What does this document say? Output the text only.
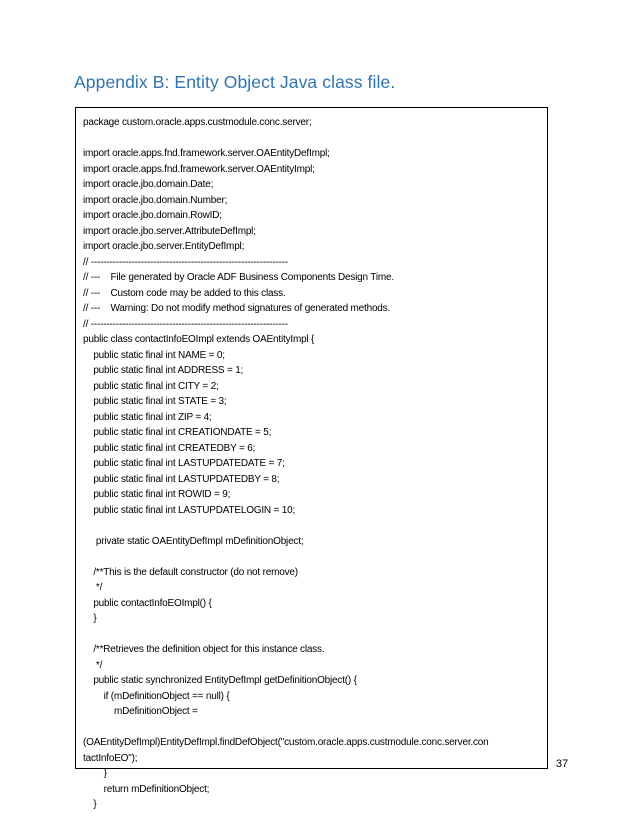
Appendix B: Entity Object Java class file.
package custom.oracle.apps.custmodule.conc.server;
import oracle.apps.fnd.framework.server.OAEntityDefImpl;
import oracle.apps.fnd.framework.server.OAEntityImpl;
import oracle.jbo.domain.Date;
import oracle.jbo.domain.Number;
import oracle.jbo.domain.RowID;
import oracle.jbo.server.AttributeDefImpl;
import oracle.jbo.server.EntityDefImpl;
// ---------------------------------------------------------------
// ---    File generated by Oracle ADF Business Components Design Time.
// ---    Custom code may be added to this class.
// ---    Warning: Do not modify method signatures of generated methods.
// ---------------------------------------------------------------
public class contactInfoEOImpl extends OAEntityImpl {
public static final int NAME = 0;
public static final int ADDRESS = 1;
public static final int CITY = 2;
public static final int STATE = 3;
public static final int ZIP = 4;
public static final int CREATIONDATE = 5;
public static final int CREATEDBY = 6;
public static final int LASTUPDATEDATE = 7;
public static final int LASTUPDATEDBY = 8;
public static final int ROWID = 9;
public static final int LASTUPDATELOGIN = 10;
private static OAEntityDefImpl mDefinitionObject;
/**This is the default constructor (do not remove)
*/
public contactInfoEOImpl() {
}
/**Retrieves the definition object for this instance class.
*/
public static synchronized EntityDefImpl getDefinitionObject() {
if (mDefinitionObject == null) {
mDefinitionObject =
(OAEntityDefImpl)EntityDefImpl.findDefObject("custom.oracle.apps.custmodule.conc.server.con
tactInfoEO");
}
return mDefinitionObject;
}
37
